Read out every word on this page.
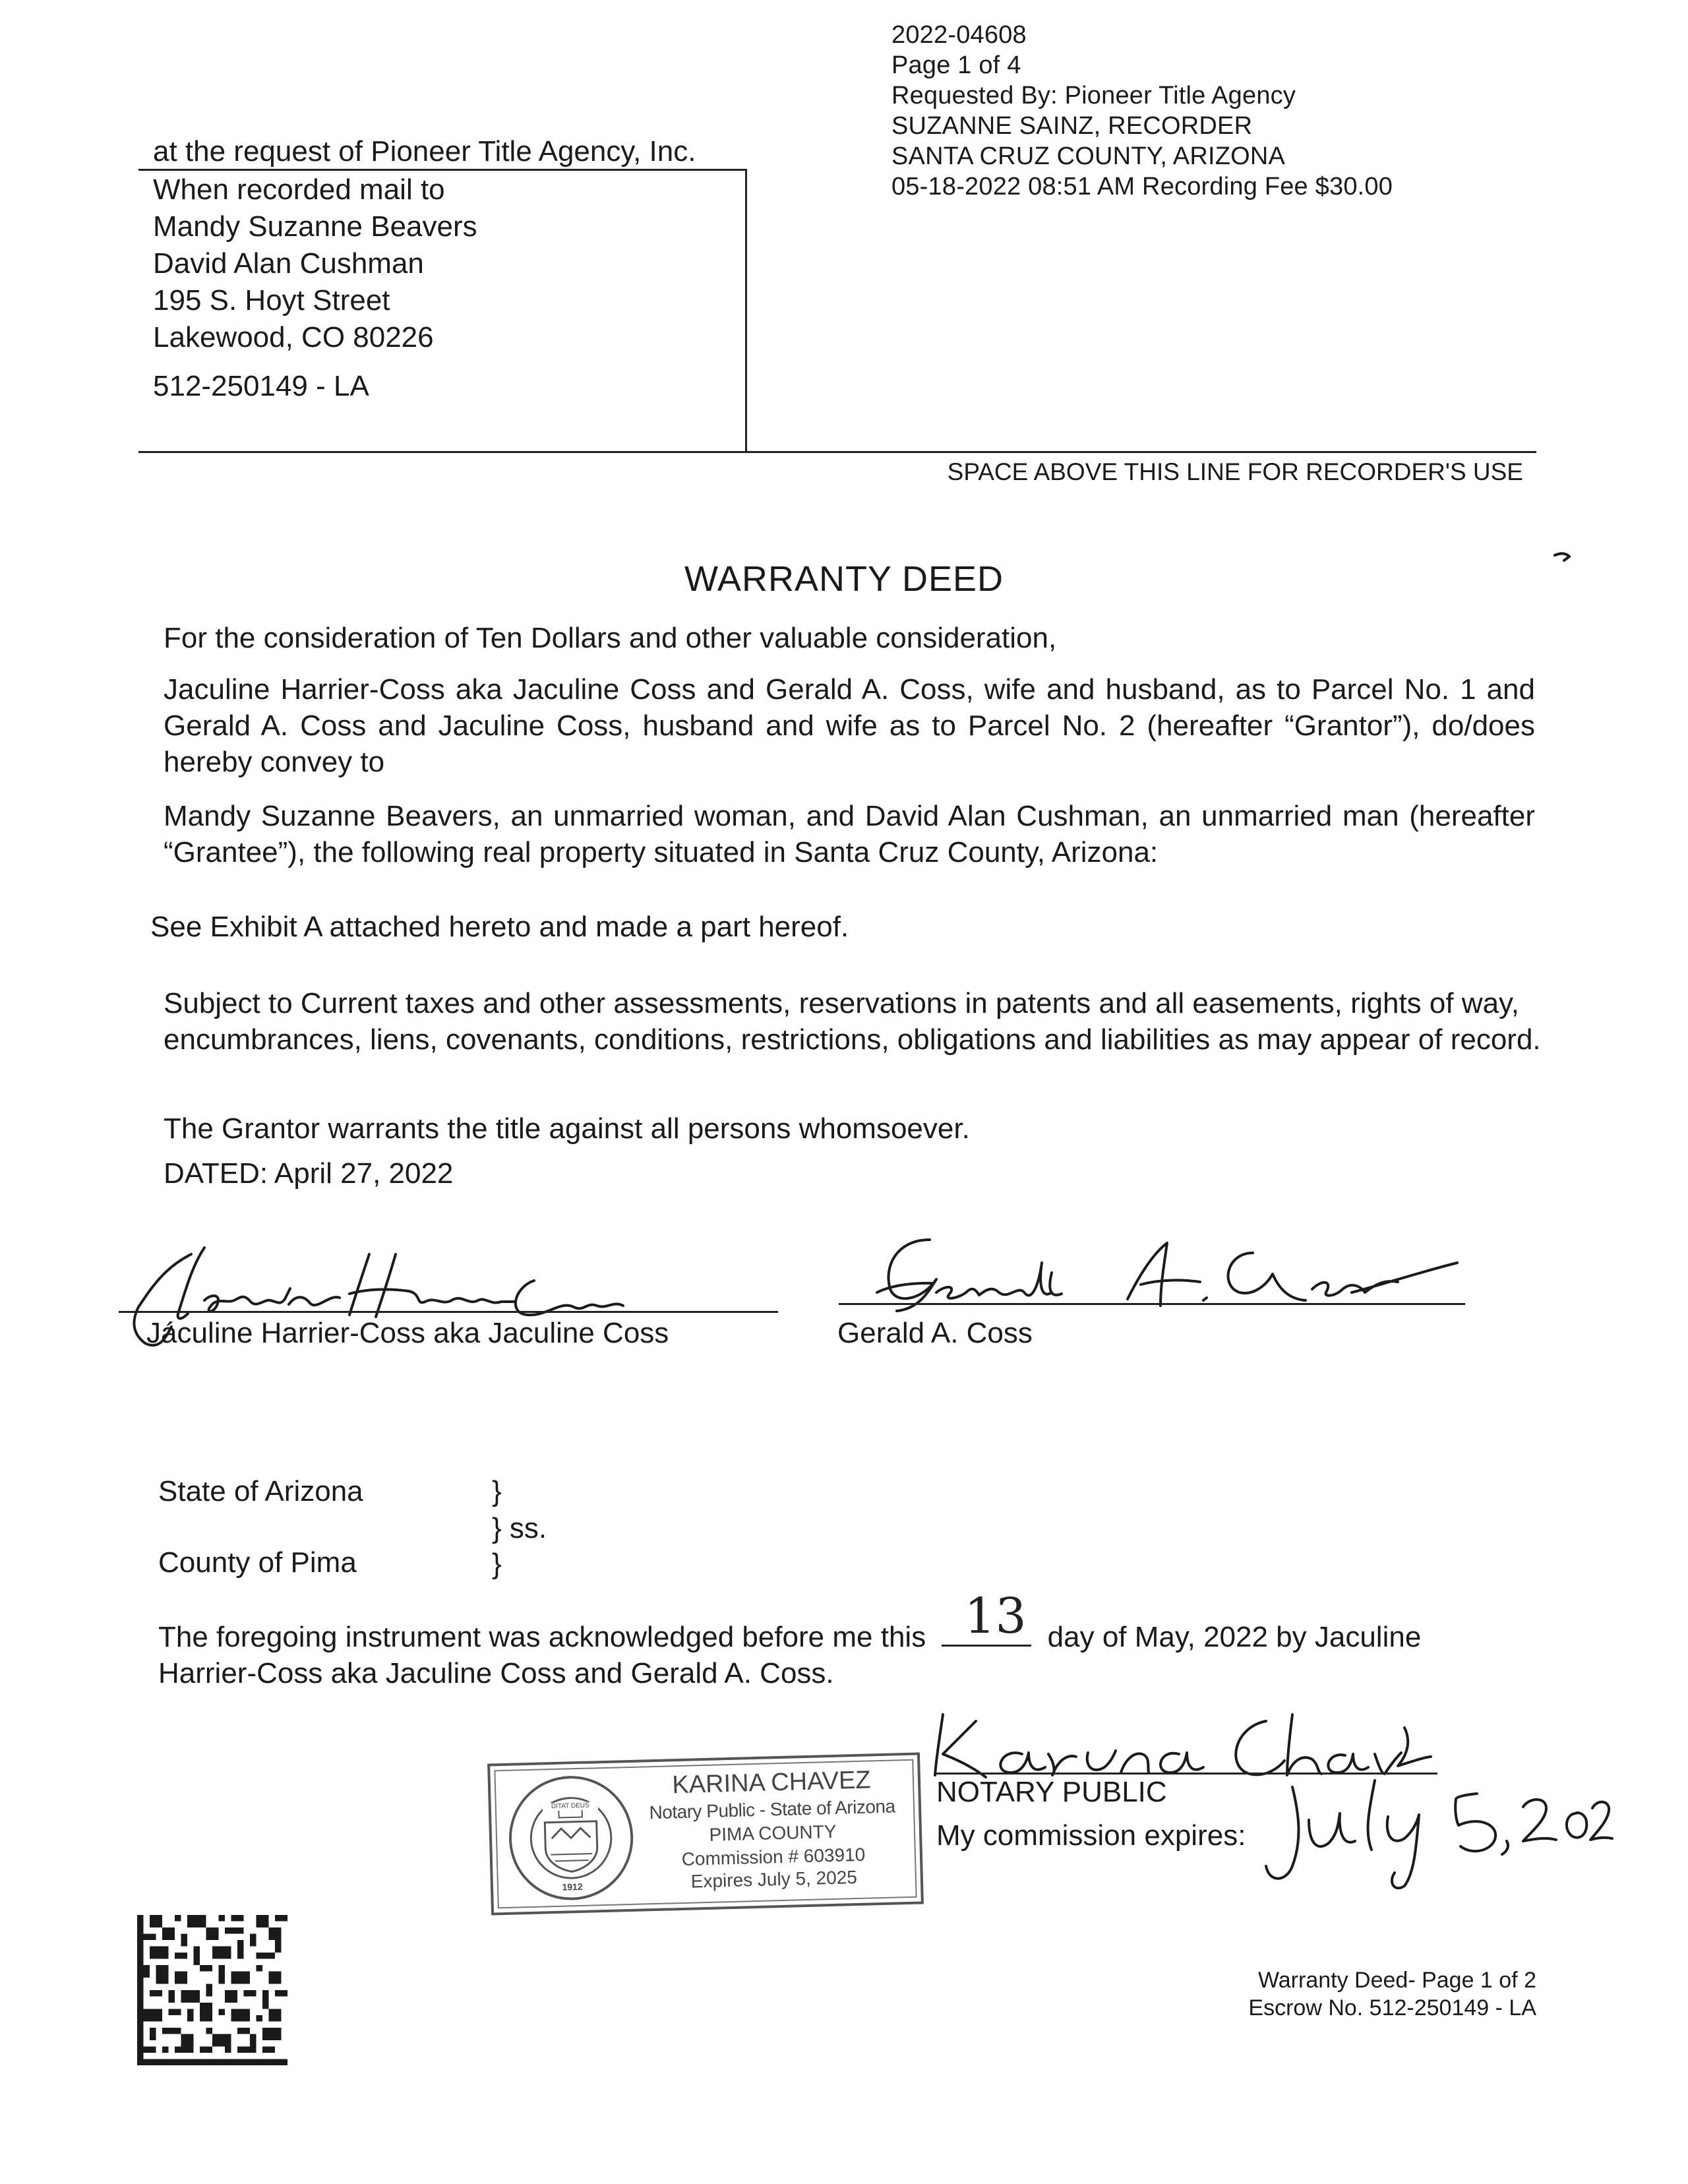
2022-04608
Page 1 of 4
Requested By: Pioneer Title Agency
SUZANNE SAINZ, RECORDER
SANTA CRUZ COUNTY, ARIZONA
05-18-2022 08:51 AM Recording Fee $30.00
at the request of Pioneer Title Agency, Inc.
When recorded mail to
Mandy Suzanne Beavers
David Alan Cushman
195 S. Hoyt Street
Lakewood, CO 80226
512-250149 - LA
SPACE ABOVE THIS LINE FOR RECORDER'S USE
WARRANTY DEED
For the consideration of Ten Dollars and other valuable consideration,
Jaculine Harrier-Coss aka Jaculine Coss and Gerald A. Coss, wife and husband, as to Parcel No. 1 and Gerald A. Coss and Jaculine Coss, husband and wife as to Parcel No. 2 (hereafter “Grantor”), do/does hereby convey to
Mandy Suzanne Beavers, an unmarried woman, and David Alan Cushman, an unmarried man (hereafter “Grantee”), the following real property situated in Santa Cruz County, Arizona:
See Exhibit A attached hereto and made a part hereof.
Subject to Current taxes and other assessments, reservations in patents and all easements, rights of way, encumbrances, liens, covenants, conditions, restrictions, obligations and liabilities as may appear of record.
The Grantor warrants the title against all persons whomsoever.
DATED: April 27, 2022
Jáculine Harrier-Coss aka Jaculine Coss	Gerald A. Coss
State of Arizona
County of Pima
}
} ss.
}
The foregoing instrument was acknowledged before me this 13 day of May, 2022 by Jaculine
Harrier-Coss aka Jaculine Coss and Gerald A. Coss.
NOTARY PUBLIC
My commission expires:
July 5, 2025
GREAT SEAL OF THE STATE OF ARIZONA
1912
DITAT DEUS
KARINA CHAVEZ
Notary Public - State of Arizona
PIMA COUNTY
Commission # 603910
Expires July 5, 2025
Warranty Deed- Page 1 of 2
Escrow No. 512-250149 - LA
